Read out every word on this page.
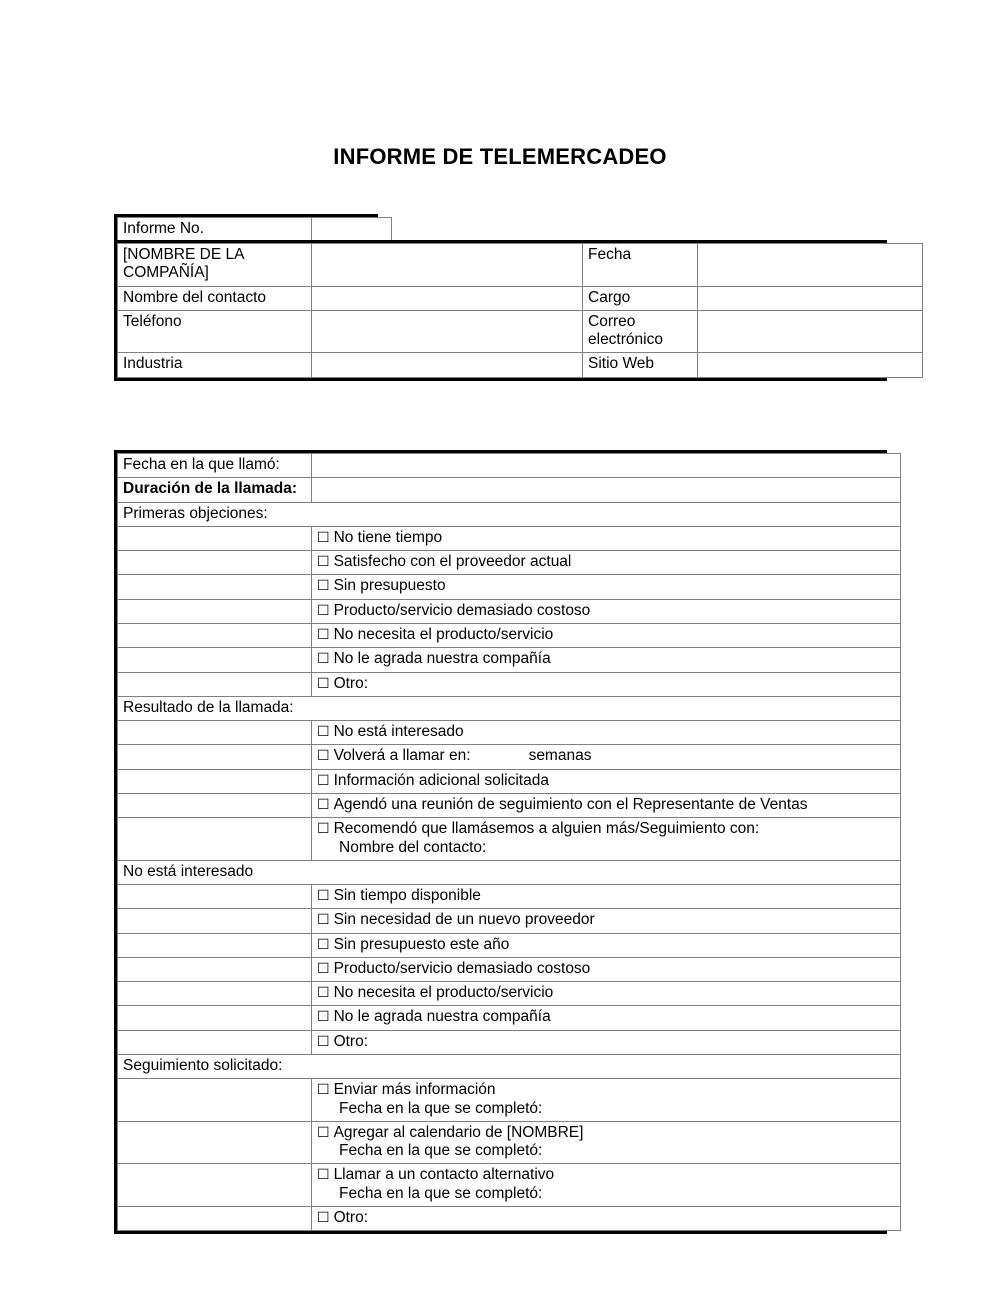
INFORME DE TELEMERCADEO
Informe No.	
[NOMBRE DE LA COMPAÑÍA]		Fecha	
Nombre del contacto		Cargo	
Teléfono		Correo electrónico	
Industria		Sitio Web	
Fecha en la que llamó:	
Duración de la llamada:	
Primeras objeciones:	
	☐ No tiene tiempo
	☐ Satisfecho con el proveedor actual
	☐ Sin presupuesto
	☐ Producto/servicio demasiado costoso
	☐ No necesita el producto/servicio
	☐ No le agrada nuestra compañía
	☐ Otro:
Resultado de la llamada:	
	☐ No está interesado
	☐ Volverá a llamar en: semanas
	☐ Información adicional solicitada
	☐ Agendó una reunión de seguimiento con el Representante de Ventas
	☐ Recomendó que llamásemos a alguien más/Seguimiento con:
Nombre del contacto:

No está interesado	
	☐ Sin tiempo disponible
	☐ Sin necesidad de un nuevo proveedor
	☐ Sin presupuesto este año
	☐ Producto/servicio demasiado costoso
	☐ No necesita el producto/servicio
	☐ No le agrada nuestra compañía
	☐ Otro:
Seguimiento solicitado:	
	☐ Enviar más información
Fecha en la que se completó:

	☐ Agregar al calendario de [NOMBRE]
Fecha en la que se completó:

	☐ Llamar a un contacto alternativo
Fecha en la que se completó:

	☐ Otro:
